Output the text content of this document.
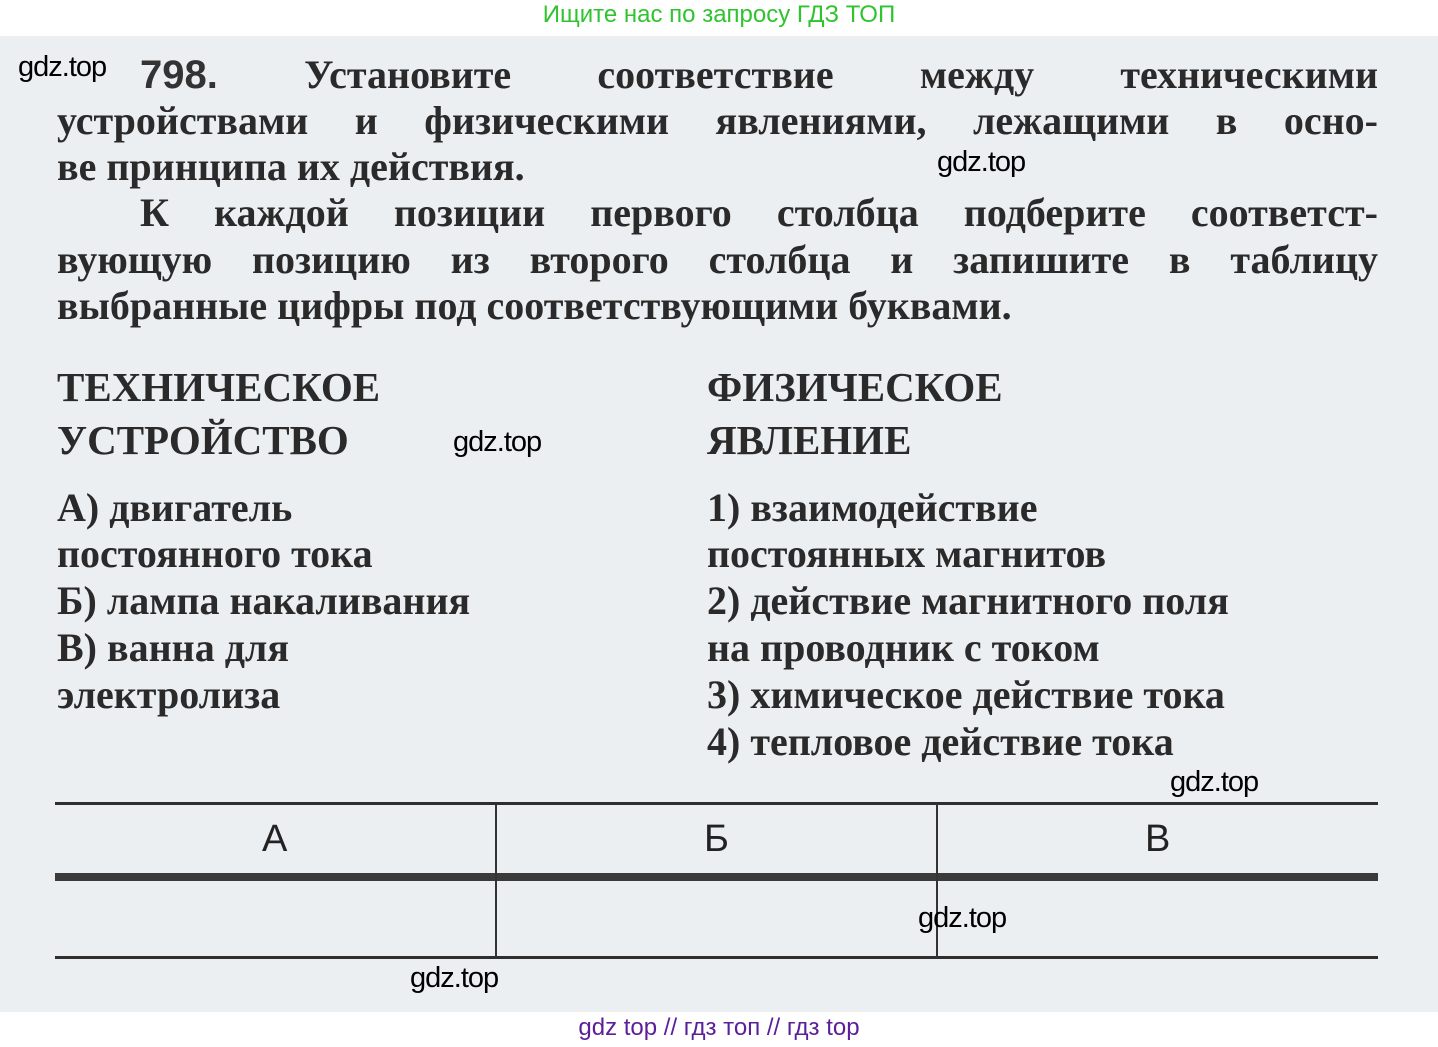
Ищите нас по запросу ГДЗ ТОП
798. Установите соответствие между техническими
устройствами и физическими явлениями, лежащими в осно-
ве принципа их действия.
К каждой позиции первого столбца подберите соответст-
вующую позицию из второго столбца и запишите в таблицу
выбранные цифры под соответствующими буквами.
ТЕХНИЧЕСКОЕ
УСТРОЙСТВО
ФИЗИЧЕСКОЕ
ЯВЛЕНИЕ
А) двигатель
постоянного тока
Б) лампа накаливания
В) ванна для
электролиза
1) взаимодействие
постоянных магнитов
2) действие магнитного поля
на проводник с током
3) химическое действие тока
4) тепловое действие тока
А	Б	В
gdz.top
gdz.top
gdz.top
gdz.top
gdz.top
gdz.top
gdz top // гдз топ // гдз top
